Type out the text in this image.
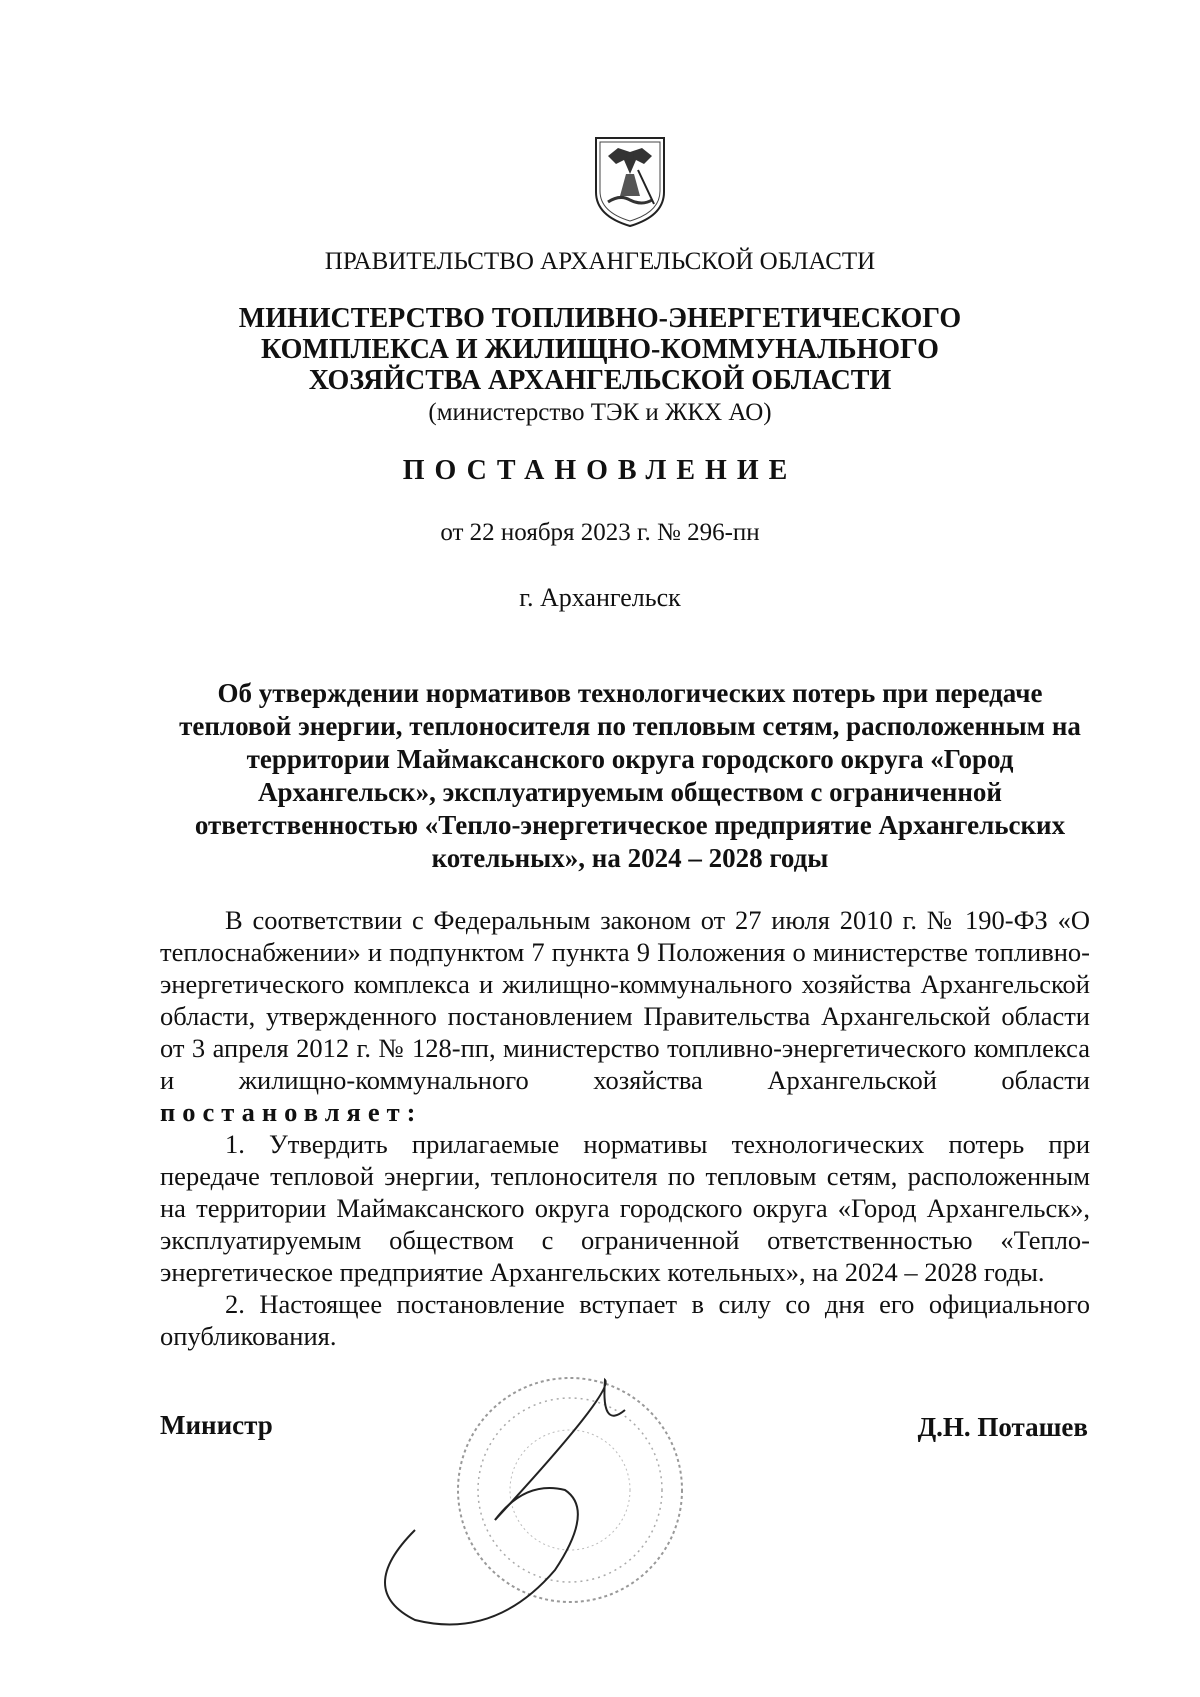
ПРАВИТЕЛЬСТВО АРХАНГЕЛЬСКОЙ ОБЛАСТИ
МИНИСТЕРСТВО ТОПЛИВНО-ЭНЕРГЕТИЧЕСКОГО
КОМПЛЕКСА И ЖИЛИЩНО-КОММУНАЛЬНОГО
ХОЗЯЙСТВА АРХАНГЕЛЬСКОЙ ОБЛАСТИ
(министерство ТЭК и ЖКХ АО)
ПОСТАНОВЛЕНИЕ
от 22 ноября 2023 г. № 296-пн
г. Архангельск
Об утверждении нормативов технологических потерь при передаче тепловой энергии, теплоносителя по тепловым сетям, расположенным на территории Маймаксанского округа городского округа «Город Архангельск», эксплуатируемым обществом с ограниченной ответственностью «Тепло-энергетическое предприятие Архангельских котельных», на 2024 – 2028 годы

В соответствии с Федеральным законом от 27 июля 2010 г. № 190-ФЗ «О теплоснабжении» и подпунктом 7 пункта 9 Положения о министерстве топливно-энергетического комплекса и жилищно-коммунального хозяйства Архангельской области, утвержденного постановлением Правительства Архангельской области от 3 апреля 2012 г. № 128-пп, министерство топливно-энергетического комплекса и жилищно-коммунального хозяйства Архангельской области постановляет:

1. Утвердить прилагаемые нормативы технологических потерь при передаче тепловой энергии, теплоносителя по тепловым сетям, расположенным на территории Маймаксанского округа городского округа «Город Архангельск», эксплуатируемым обществом с ограниченной ответственностью «Тепло-энергетическое предприятие Архангельских котельных», на 2024 – 2028 годы.

2. Настоящее постановление вступает в силу со дня его официального опубликования.

Министр	Д.Н. Поташев
